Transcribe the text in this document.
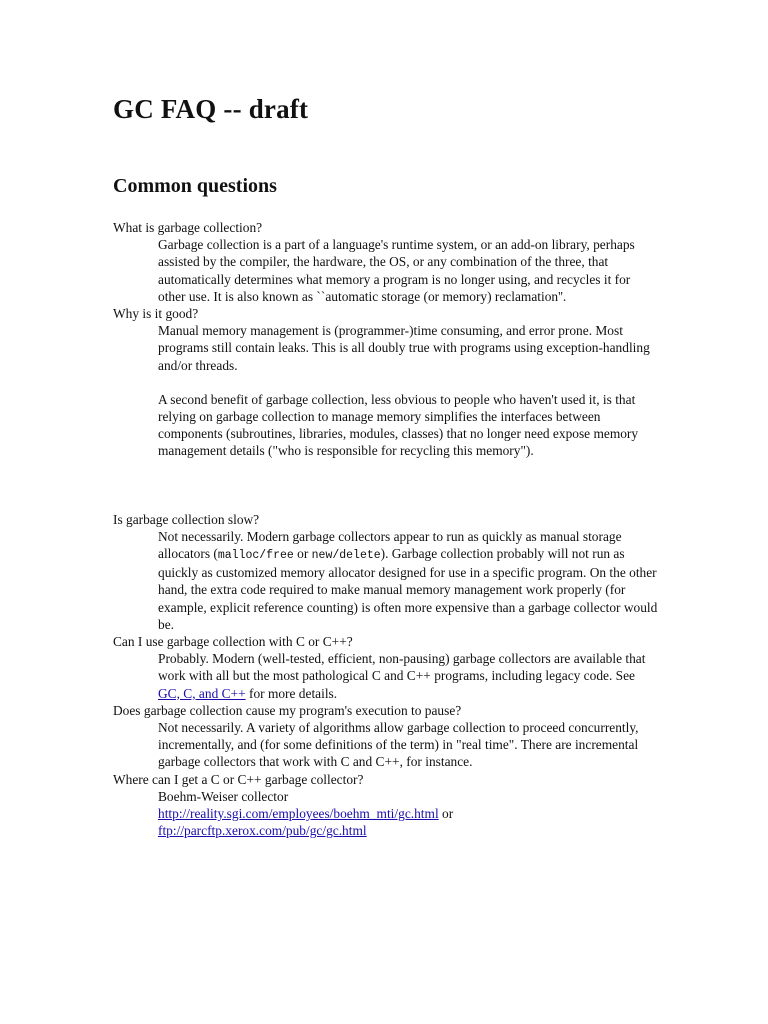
GC FAQ -- draft
Common questions
What is garbage collection?

Garbage collection is a part of a language's runtime system, or an add-on library, perhaps assisted by the compiler, the hardware, the OS, or any combination of the three, that automatically determines what memory a program is no longer using, and recycles it for other use. It is also known as ``automatic storage (or memory) reclamation''.

Why is it good?

Manual memory management is (programmer-)time consuming, and error prone. Most programs still contain leaks. This is all doubly true with programs using exception-handling and/or threads.

A second benefit of garbage collection, less obvious to people who haven't used it, is that relying on garbage collection to manage memory simplifies the interfaces between components (subroutines, libraries, modules, classes) that no longer need expose memory management details ("who is responsible for recycling this memory").

Is garbage collection slow?

Not necessarily. Modern garbage collectors appear to run as quickly as manual storage allocators (malloc/free or new/delete). Garbage collection probably will not run as quickly as customized memory allocator designed for use in a specific program. On the other hand, the extra code required to make manual memory management work properly (for example, explicit reference counting) is often more expensive than a garbage collector would be.

Can I use garbage collection with C or C++?

Probably. Modern (well-tested, efficient, non-pausing) garbage collectors are available that work with all but the most pathological C and C++ programs, including legacy code. See GC, C, and C++ for more details.

Does garbage collection cause my program's execution to pause?

Not necessarily. A variety of algorithms allow garbage collection to proceed concurrently, incrementally, and (for some definitions of the term) in "real time". There are incremental garbage collectors that work with C and C++, for instance.

Where can I get a C or C++ garbage collector?

Boehm-Weiser collector

http://reality.sgi.com/employees/boehm_mti/gc.html or

ftp://parcftp.xerox.com/pub/gc/gc.html
